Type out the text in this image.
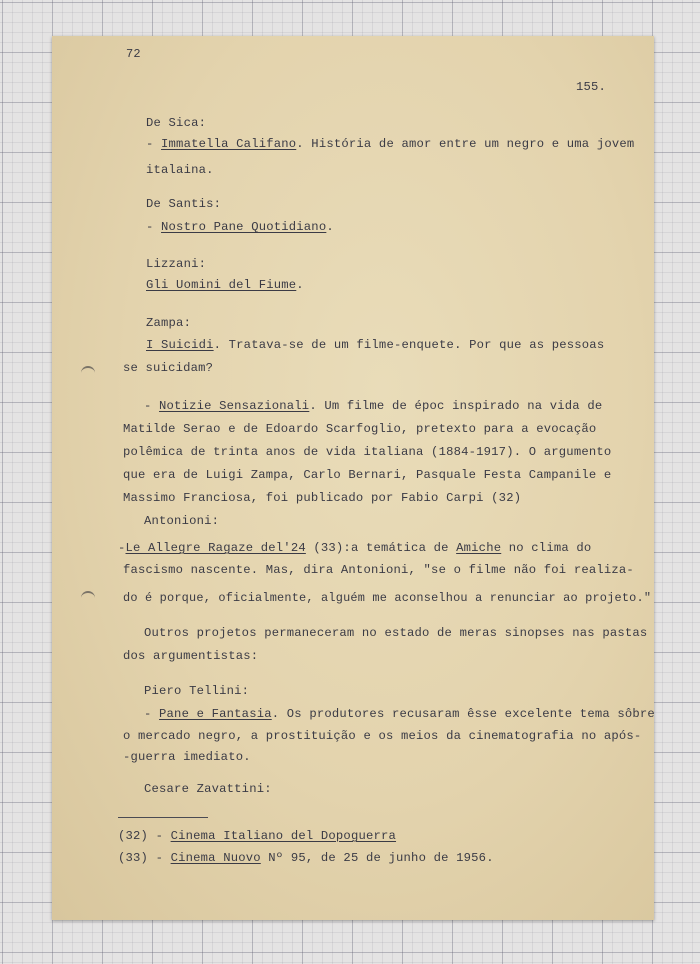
72
155.
De Sica:
- Immatella Califano. História de amor entre um negro e uma jovem
italaina.
De Santis:
- Nostro Pane Quotidiano.
Lizzani:
Gli Uomini del Fiume.
Zampa:
I Suicidi. Tratava-se de um filme-enquete. Por que as pessoas
se suicidam?
- Notizie Sensazionali. Um filme de époc inspirado na vida de
Matilde Serao e de Edoardo Scarfoglio, pretexto para a evocação
polêmica de trinta anos de vida italiana (1884-1917). O argumento
que era de Luigi Zampa, Carlo Bernari, Pasquale Festa Campanile e
Massimo Franciosa, foi publicado por Fabio Carpi (32)
Antonioni:
-Le Allegre Ragaze del'24 (33):a temática de Amiche no clima do
fascismo nascente. Mas, dira Antonioni, "se o filme não foi realiza-
do é porque, oficialmente, alguém me aconselhou a renunciar ao projeto."
Outros projetos permaneceram no estado de meras sinopses nas pastas
dos argumentistas:
Piero Tellini:
- Pane e Fantasia. Os produtores recusaram êsse excelente tema sôbre
o mercado negro, a prostituição e os meios da cinematografia no após-
-guerra imediato.
Cesare Zavattini:
(32) - Cinema Italiano del Dopoguerra
(33) - Cinema Nuovo Nº 95, de 25 de junho de 1956.
